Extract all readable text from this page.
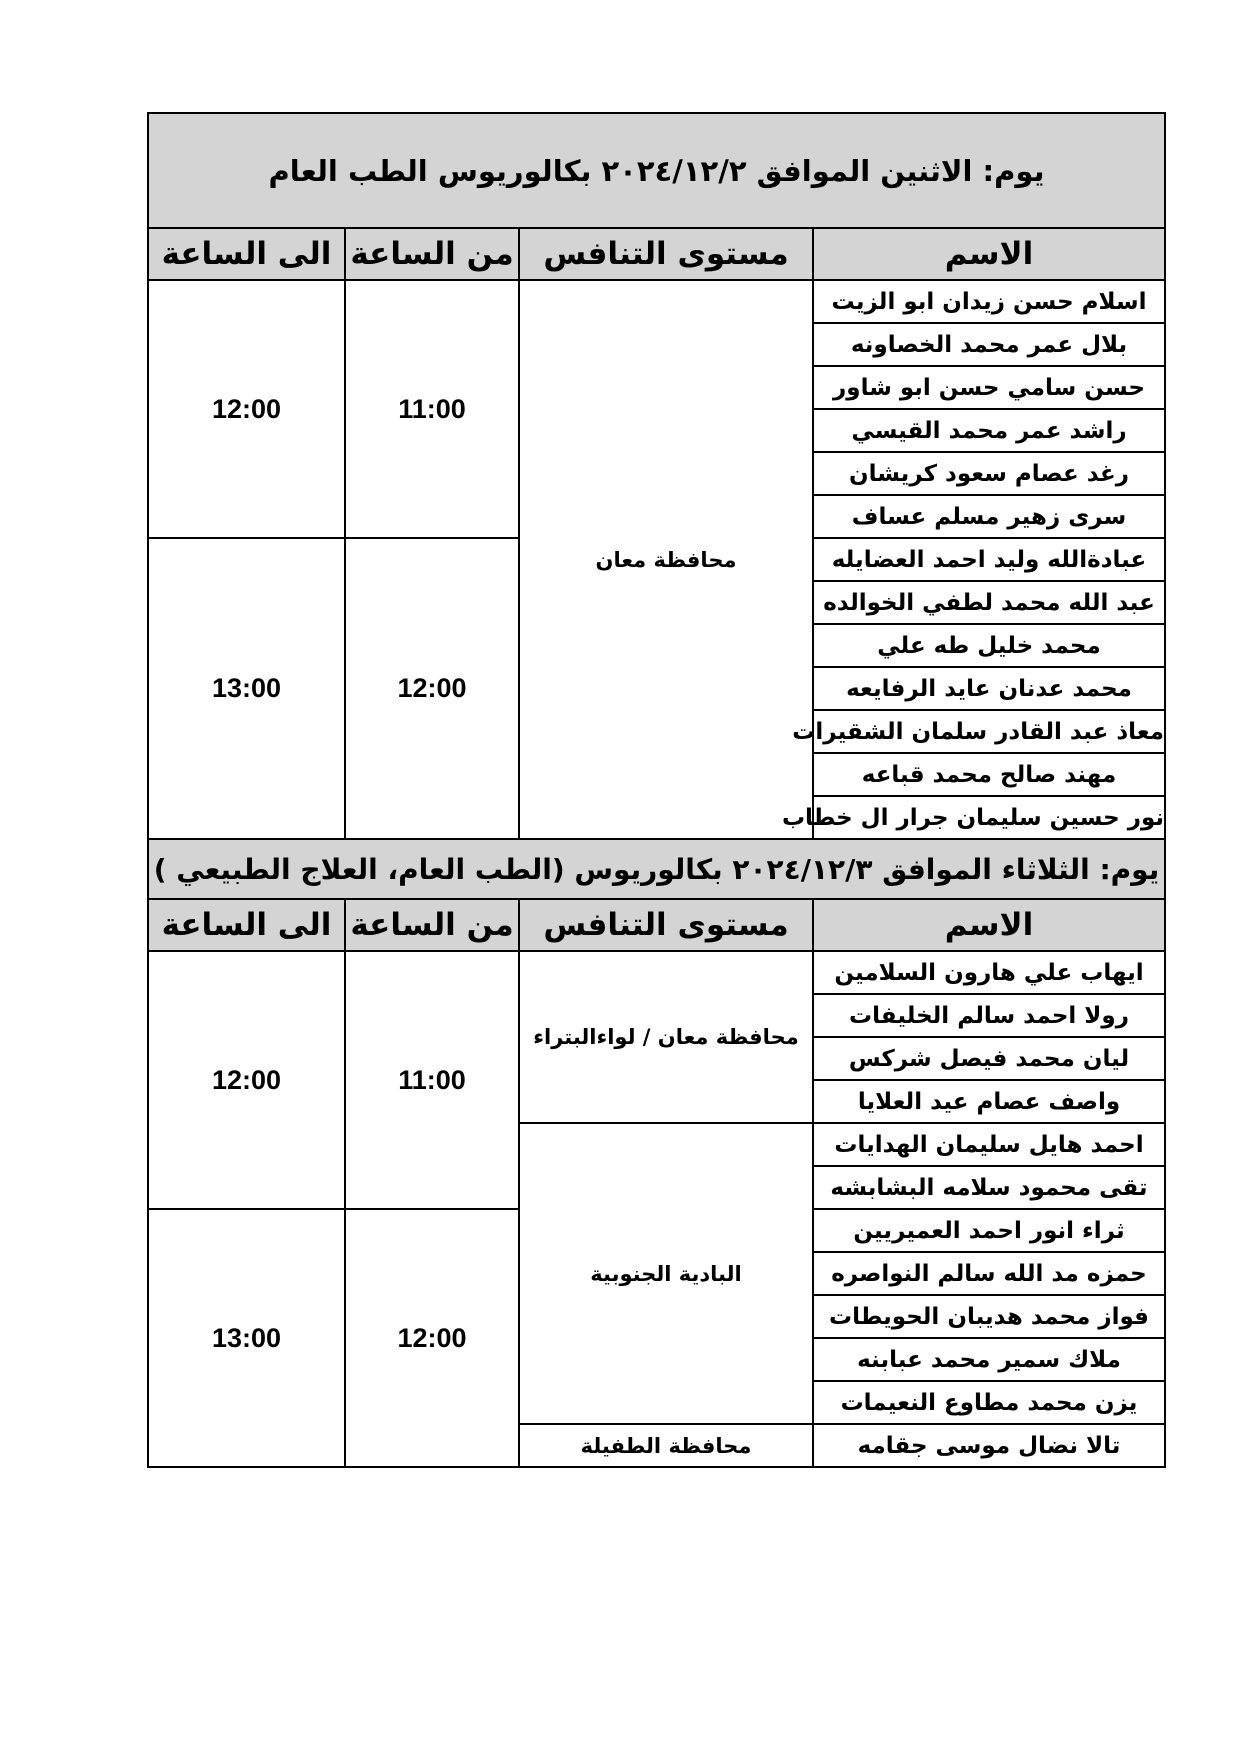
يوم: الاثنين الموافق ٢٠٢٤/١٢/٢ بكالوريوس الطب العام			
الاسم	مستوى التنافس	من الساعة	الى الساعة
اسلام حسن زيدان ابو الزيت	محافظة معان	11:00	12:00
بلال عمر محمد الخصاونه			
حسن سامي حسن ابو شاور			
راشد عمر محمد القيسي			
رغد عصام سعود كريشان			
سرى زهير مسلم عساف			
عبادةالله وليد احمد العضايله		12:00	13:00
عبد الله محمد لطفي الخوالده			
محمد خليل طه علي			
محمد عدنان عايد الرفايعه			
معاذ عبد القادر سلمان الشقيرات			
مهند صالح محمد قباعه			
نور حسين سليمان جرار ال خطاب			
يوم: الثلاثاء الموافق ٢٠٢٤/١٢/٣ بكالوريوس (الطب العام، العلاج الطبيعي )			
الاسم	مستوى التنافس	من الساعة	الى الساعة
ايهاب علي هارون السلامين	محافظة معان / لواءالبتراء	11:00	12:00
رولا احمد سالم الخليفات			
ليان محمد فيصل شركس			
واصف عصام عيد العلايا			
احمد هايل سليمان الهدايات	البادية الجنوبية		
تقى محمود سلامه البشابشه			
ثراء انور احمد العميريين		12:00	13:00
حمزه مد الله سالم النواصره			
فواز محمد هديبان الحويطات			
ملاك سمير محمد عبابنه			
يزن محمد مطاوع النعيمات			
تالا نضال موسى جقامه	محافظة الطفيلة		
